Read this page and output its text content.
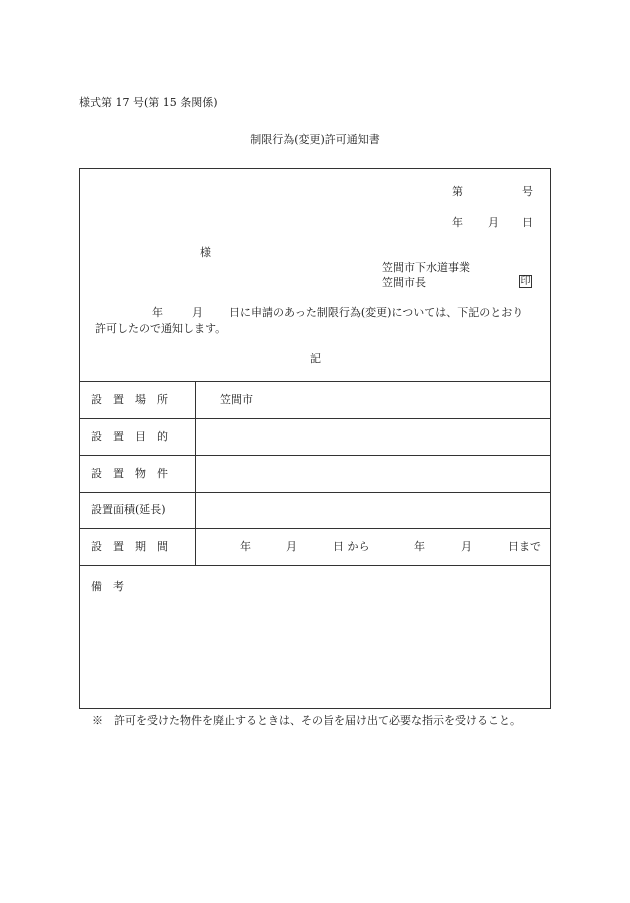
様式第 17 号(第 15 条関係)
制限行為(変更)許可通知書
第	号
年 月 日
様
笠間市下水道事業
笠間市長	印
年	月 日に申請のあった制限行為(変更)については、下記のとおり
許可したので通知します。
記
設　置　場　所	笠間市
設　置　目　的
設　置　物　件
設置面積(延長)
設　置　期　間	年	月	日 から	年	月	日まで
備　考
※　許可を受けた物件を廃止するときは、その旨を届け出て必要な指示を受けること。
